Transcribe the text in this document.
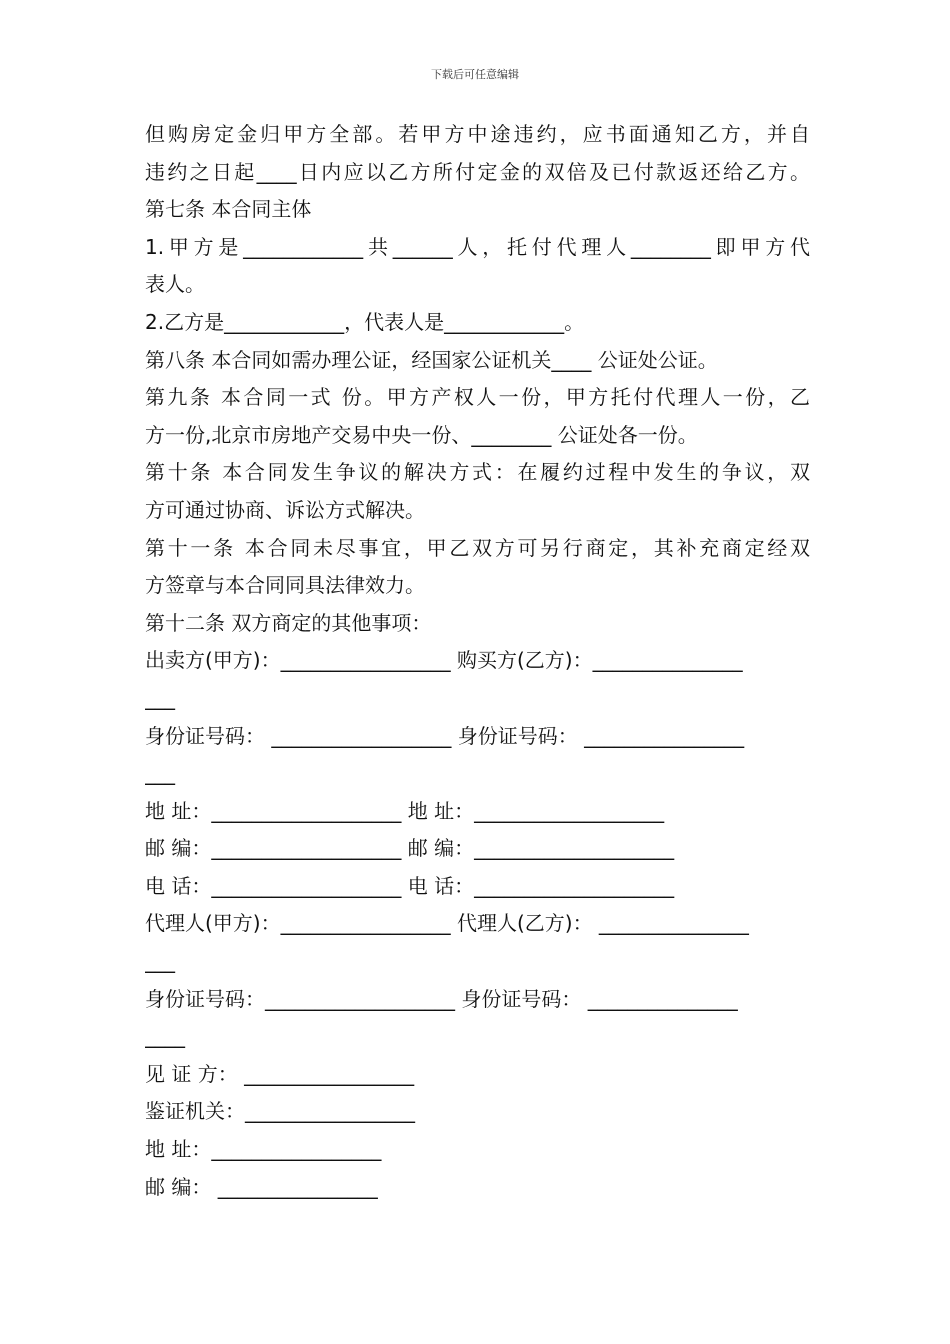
下载后可任意编辑
但购房定金归甲方全部。若甲方中途违约，应书面通知乙方，并自
违约之日起____日内应以乙方所付定金的双倍及已付款返还给乙方。
第七条 本合同主体
1.甲方是____________共______人，托付代理人________即甲方代
表人。
2.乙方是____________，代表人是____________。
第八条 本合同如需办理公证，经国家公证机关____ 公证处公证。
第九条 本合同一式 份。甲方产权人一份，甲方托付代理人一份，乙
方一份,北京市房地产交易中央一份、________ 公证处各一份。
第十条 本合同发生争议的解决方式：在履约过程中发生的争议，双
方可通过协商、诉讼方式解决。
第十一条 本合同未尽事宜，甲乙双方可另行商定，其补充商定经双
方签章与本合同同具法律效力。
第十二条 双方商定的其他事项：
出卖方(甲方)：_________________ 购买方(乙方)：_______________
___
身份证号码： __________________ 身份证号码： ________________
___
地 址：___________________ 地 址：___________________
邮 编：___________________ 邮 编：____________________
电 话：___________________ 电 话：____________________
代理人(甲方)：_________________ 代理人(乙方)： _______________
___
身份证号码：___________________ 身份证号码： _______________
____
见 证 方： _________________
鉴证机关：_________________
地 址：_________________
邮 编： ________________
